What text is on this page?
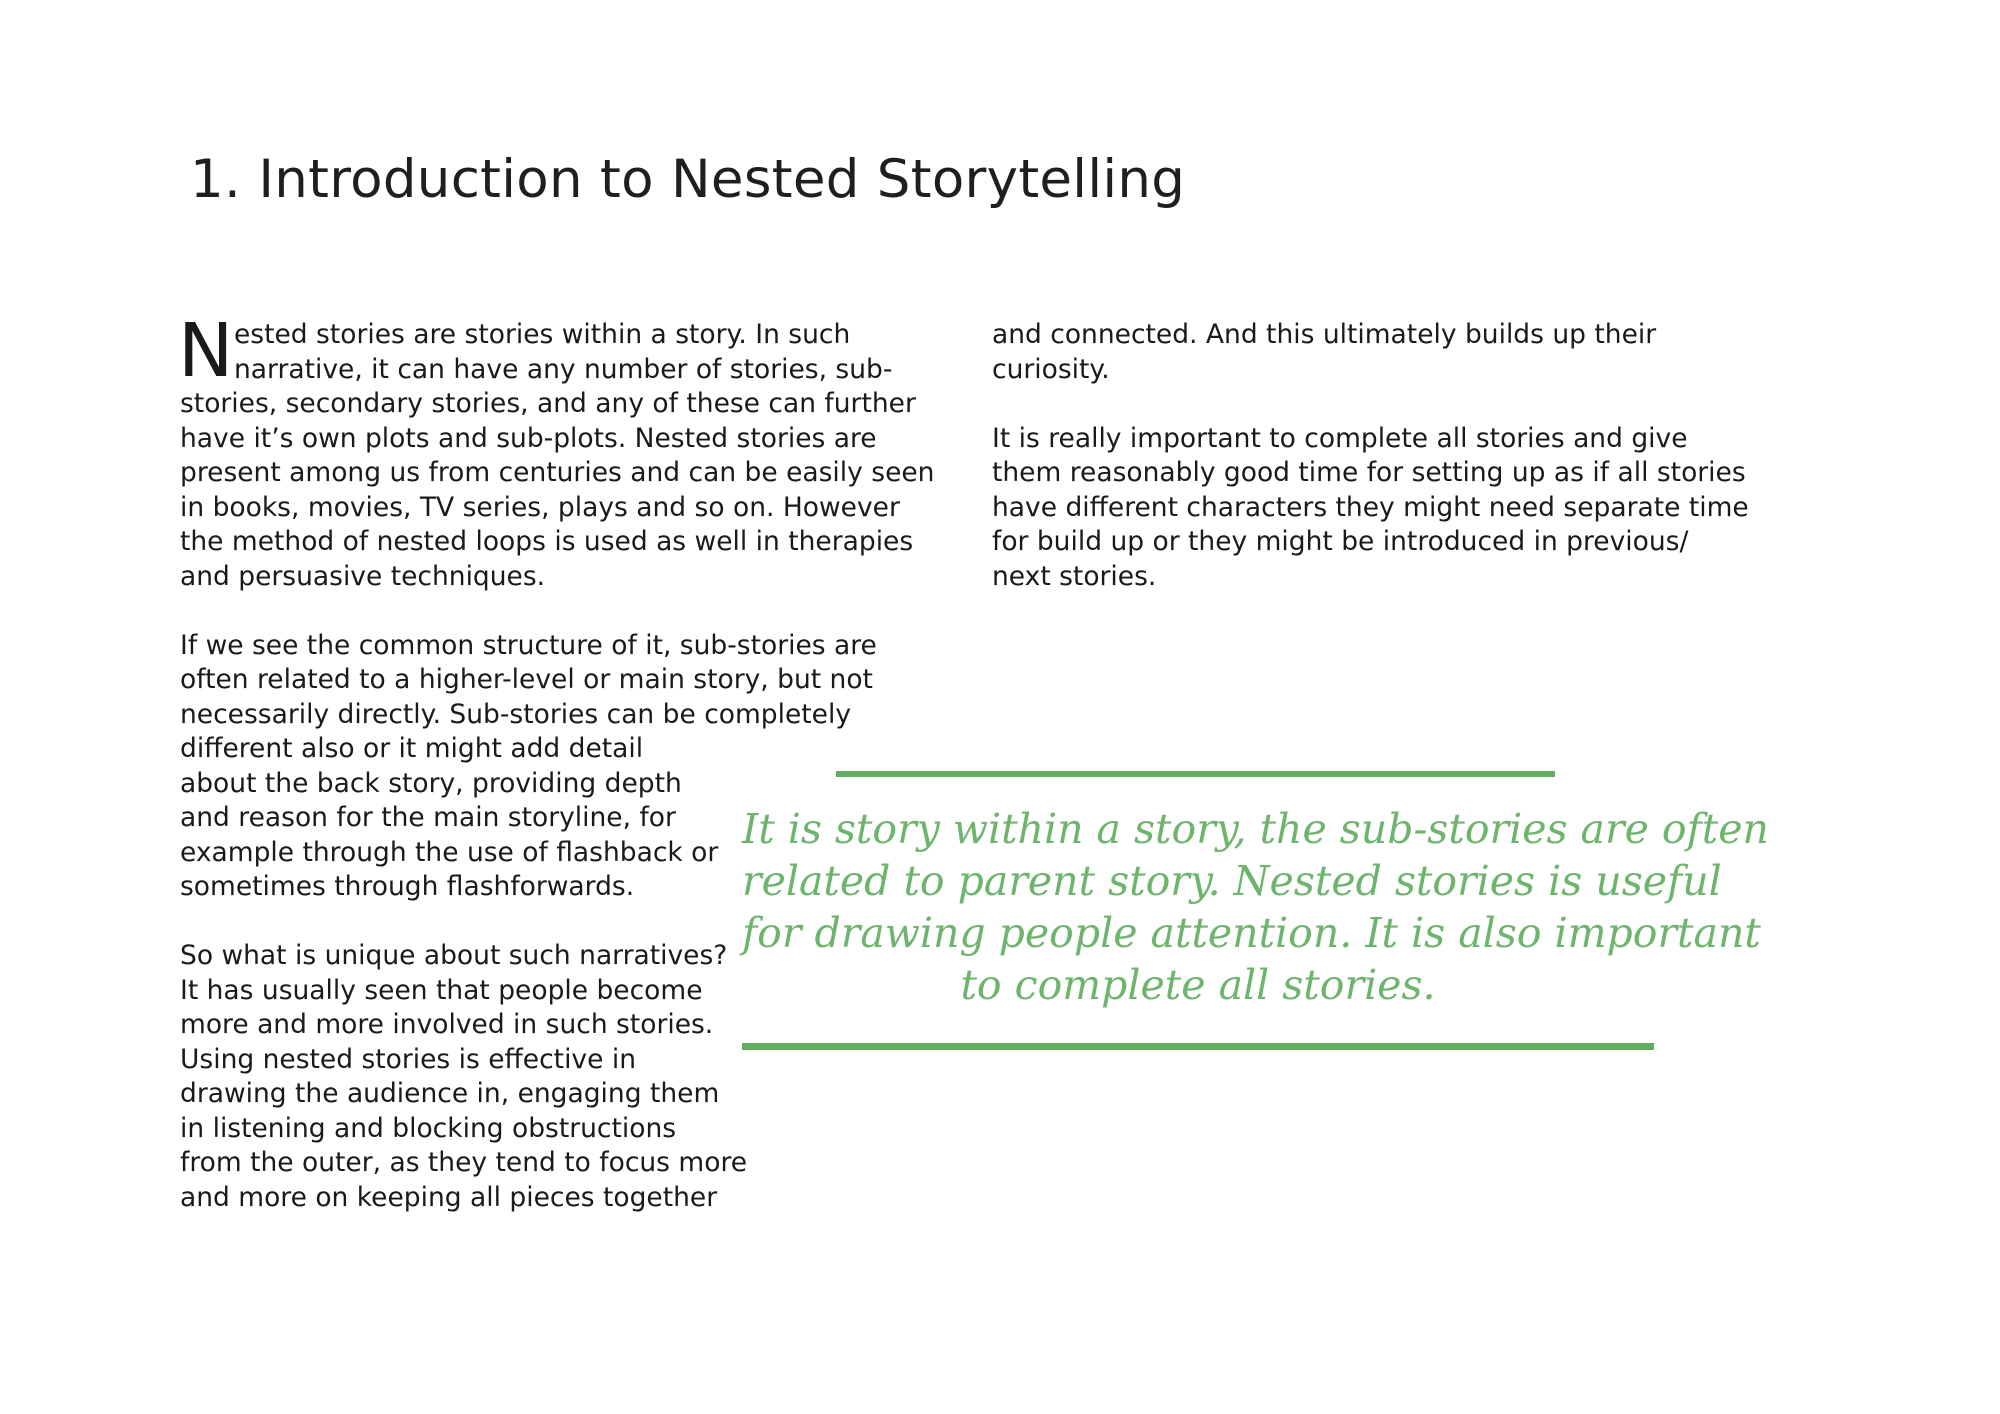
1. Introduction to Nested Storytelling
N ested stories are stories within a story. In such
narrative, it can have any number of stories, sub-
stories, secondary stories, and any of these can further
have it’s own plots and sub-plots. Nested stories are
present among us from centuries and can be easily seen
in books, movies, TV series, plays and so on. However
the method of nested loops is used as well in therapies
and persuasive techniques.

If we see the common structure of it, sub-stories are
often related to a higher-level or main story, but not
necessarily directly. Sub-stories can be completely
different also or it might add detail
about the back story, providing depth
and reason for the main storyline, for
example through the use of flashback or
sometimes through flashforwards.

So what is unique about such narratives?
It has usually seen that people become
more and more involved in such stories.
Using nested stories is effective in
drawing the audience in, engaging them
in listening and blocking obstructions
from the outer, as they tend to focus more
and more on keeping all pieces together

and connected. And this ultimately builds up their
curiosity.

It is really important to complete all stories and give
them reasonably good time for setting up as if all stories
have different characters they might need separate time
for build up or they might be introduced in previous/
next stories.

It is story within a story, the sub-stories are often
related to parent story. Nested stories is useful
for drawing people attention. It is also important
to complete all stories.
